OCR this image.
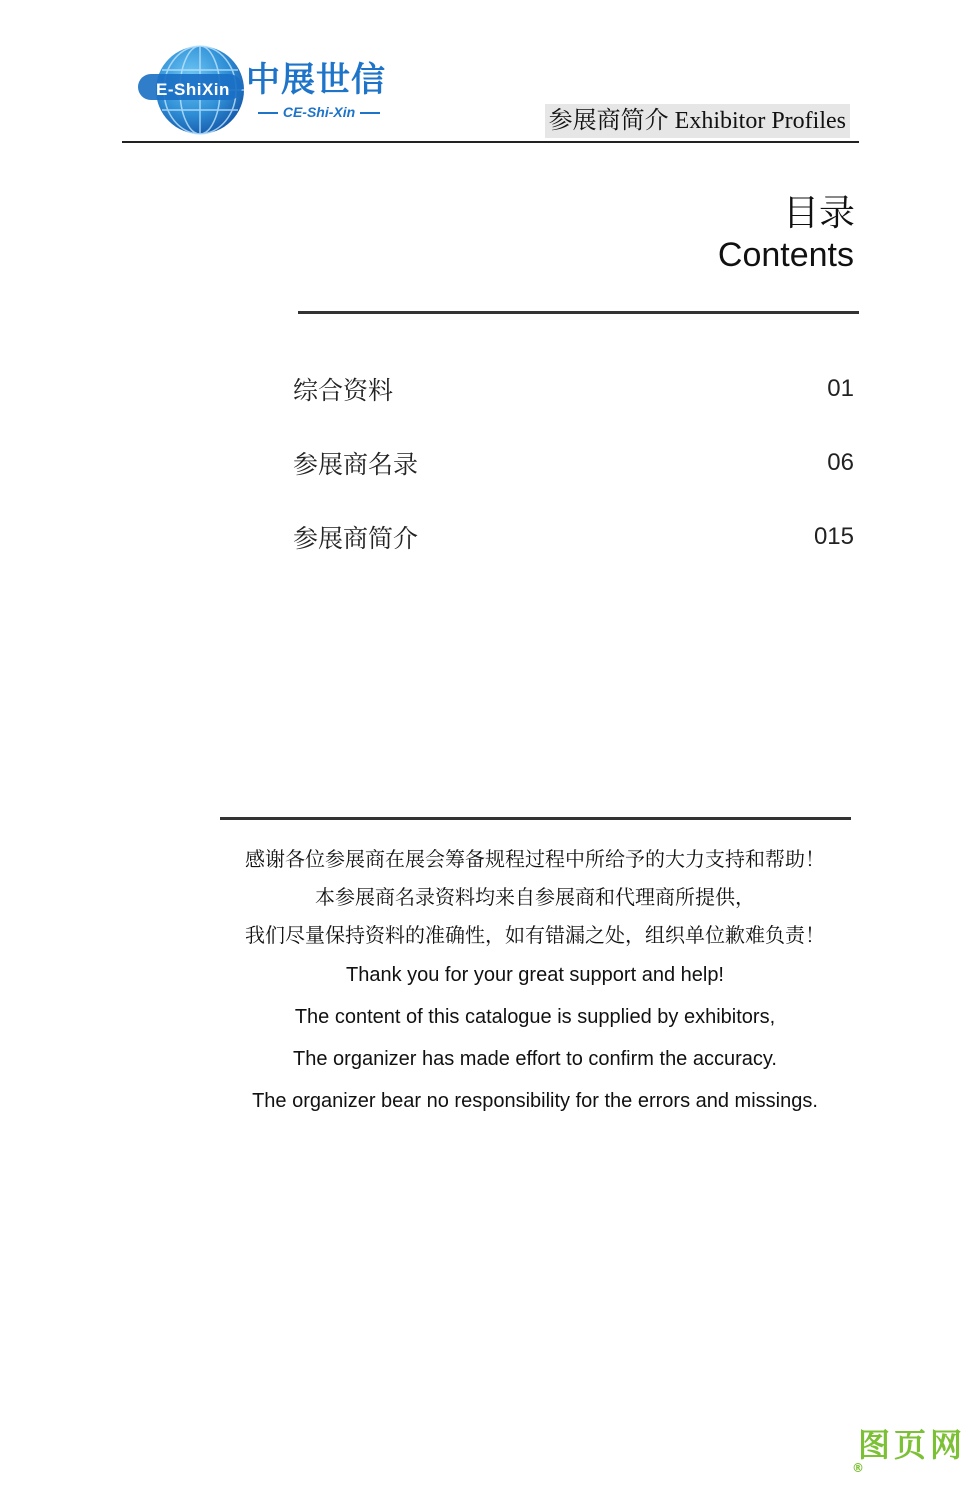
E-ShiXin 中展世信
CE-Shi-Xin	参展商简介 Exhibitor Profiles
目录
Contents
综合资料	01
参展商名录	06
参展商简介	015
感谢各位参展商在展会筹备规程过程中所给予的大力支持和帮助！
本参展商名录资料均来自参展商和代理商所提供，
我们尽量保持资料的准确性，如有错漏之处，组织单位歉难负责！
Thank you for your great support and help!
The content of this catalogue is supplied by exhibitors,
The organizer has made effort to confirm the accuracy.
The organizer bear no responsibility for the errors and missings.
图页网®
